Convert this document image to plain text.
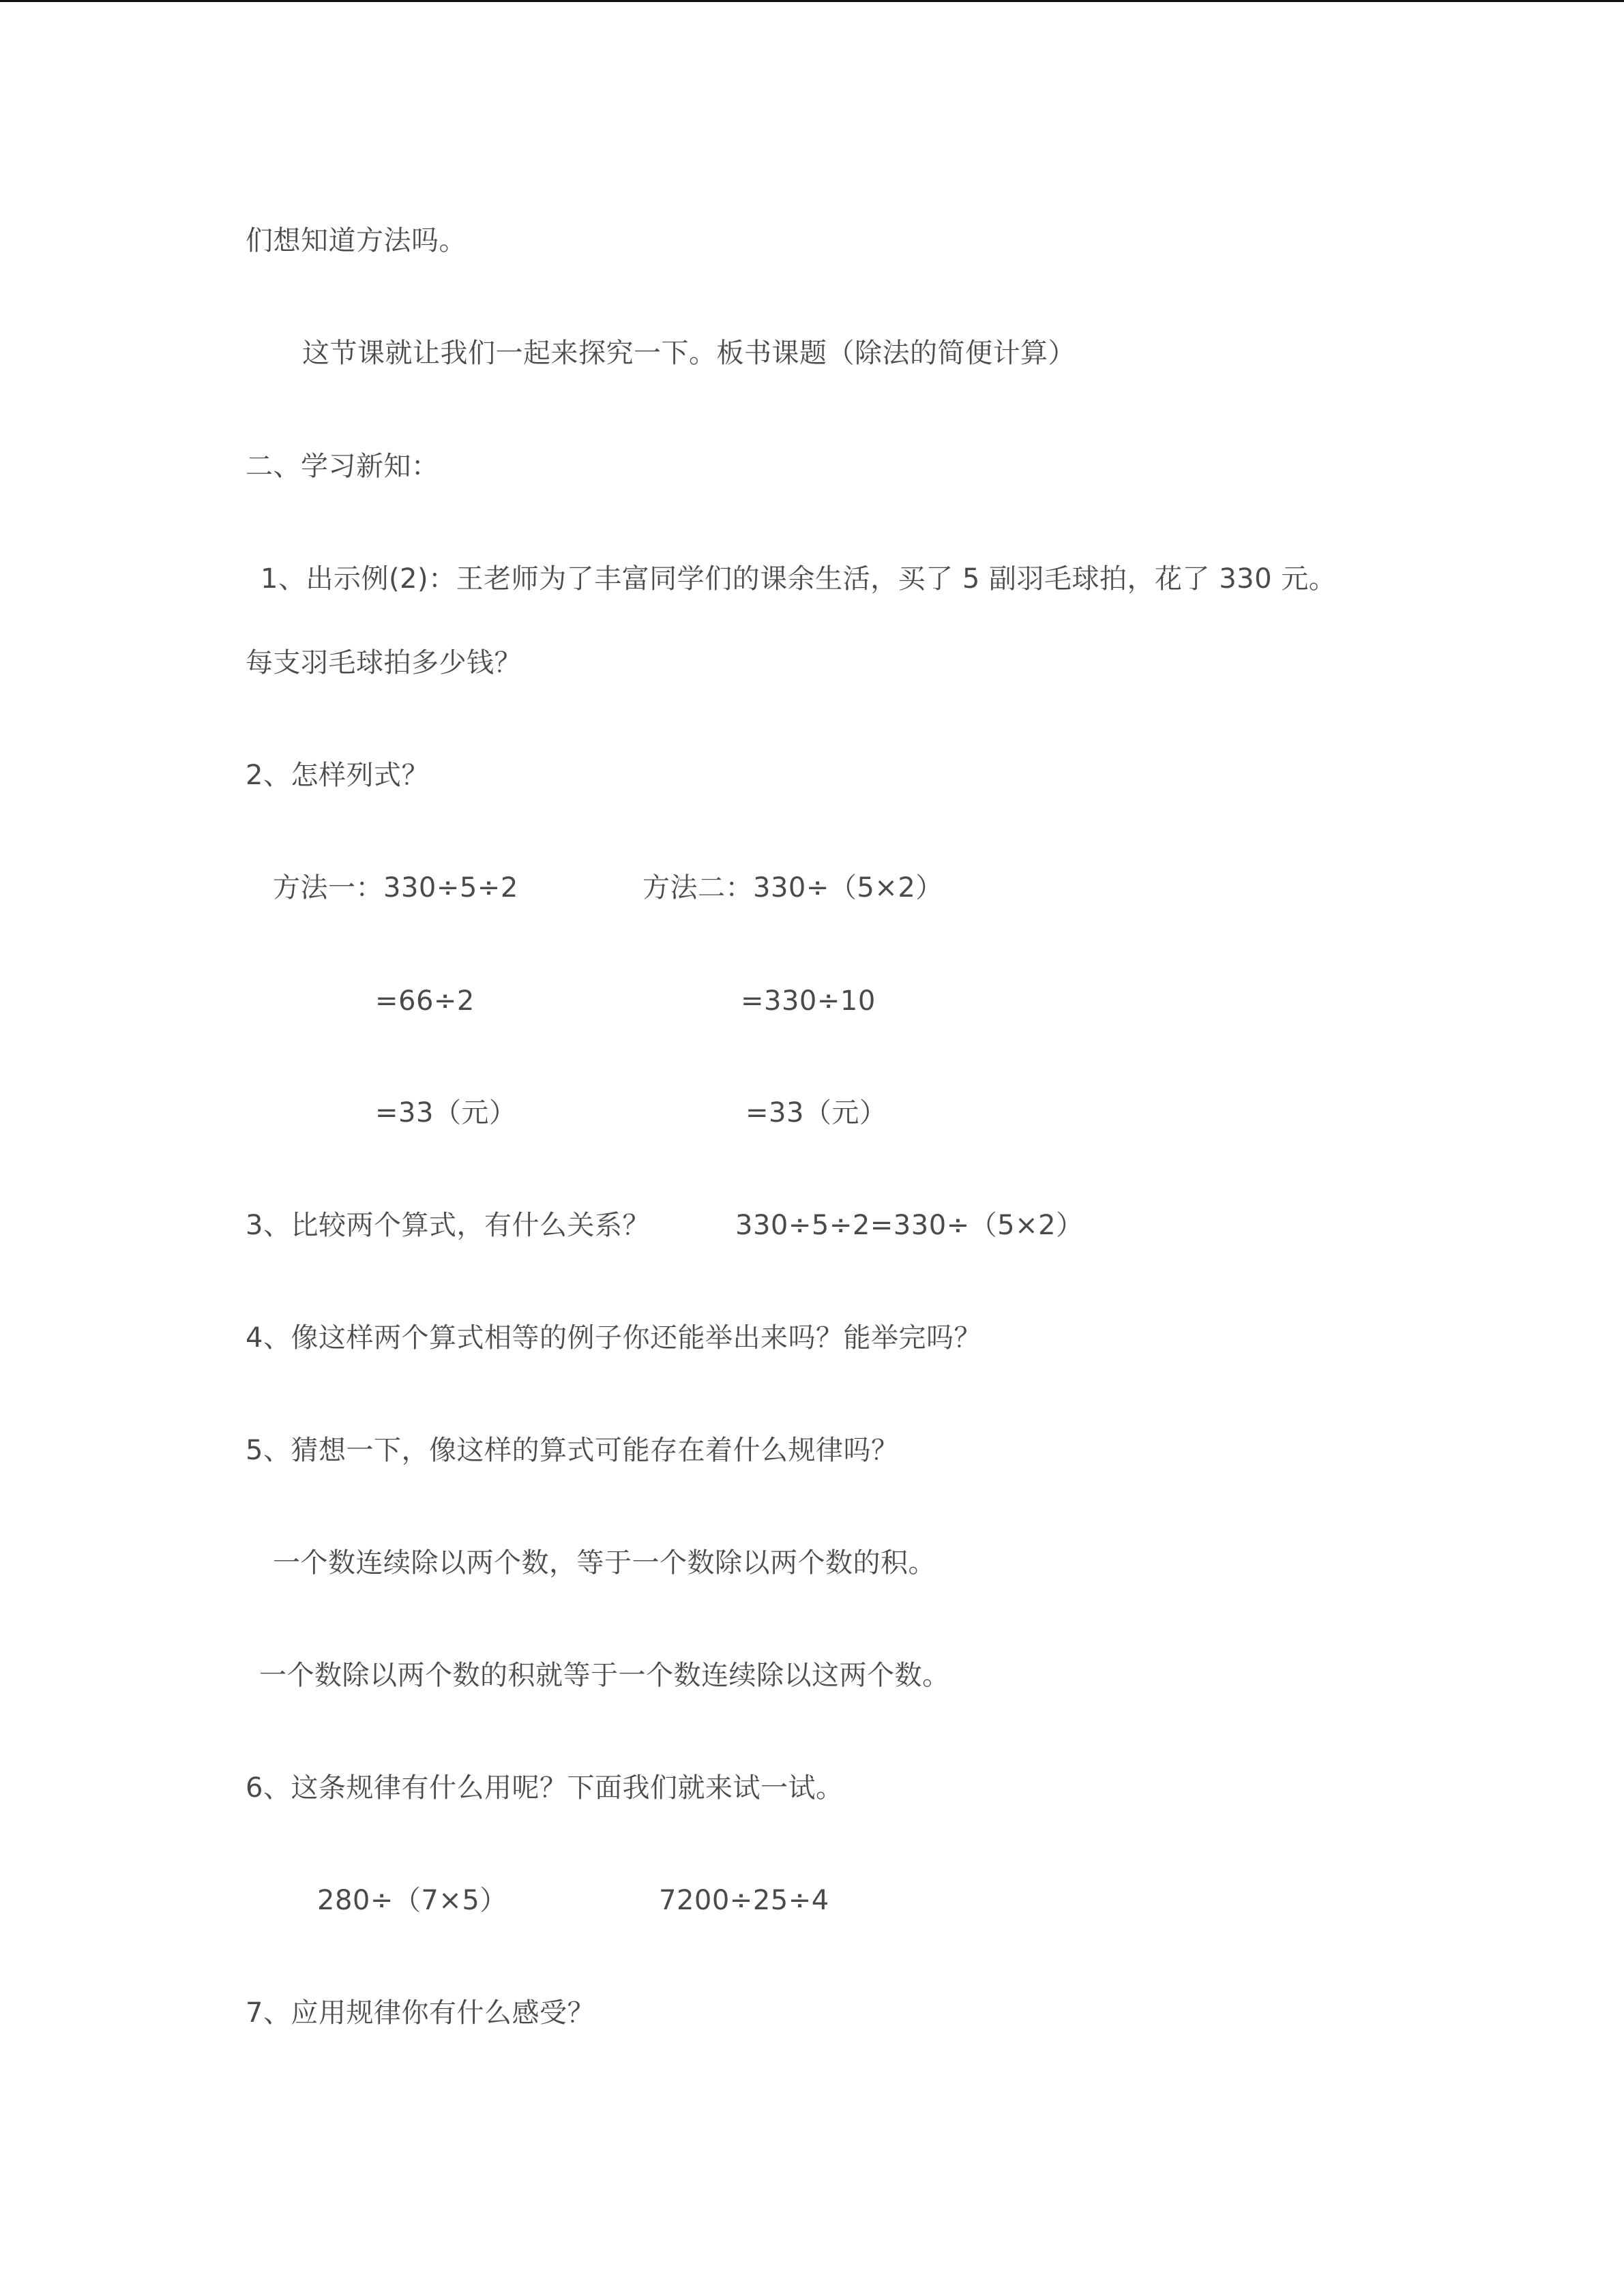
们想知道方法吗。
这节课就让我们一起来探究一下。板书课题（除法的简便计算）
二、学习新知：
1、出示例(2)：王老师为了丰富同学们的课余生活，买了 5 副羽毛球拍，花了 330 元。
每支羽毛球拍多少钱？
2、怎样列式？
方法一：330÷5÷2	方法二：330÷（5×2）
=66÷2	=330÷10
=33（元）	=33（元）
3、比较两个算式，有什么关系？	330÷5÷2=330÷（5×2）
4、像这样两个算式相等的例子你还能举出来吗？能举完吗？
5、猜想一下，像这样的算式可能存在着什么规律吗？
一个数连续除以两个数，等于一个数除以两个数的积。
一个数除以两个数的积就等于一个数连续除以这两个数。
6、这条规律有什么用呢？下面我们就来试一试。
280÷（7×5）	7200÷25÷4
7、应用规律你有什么感受？
